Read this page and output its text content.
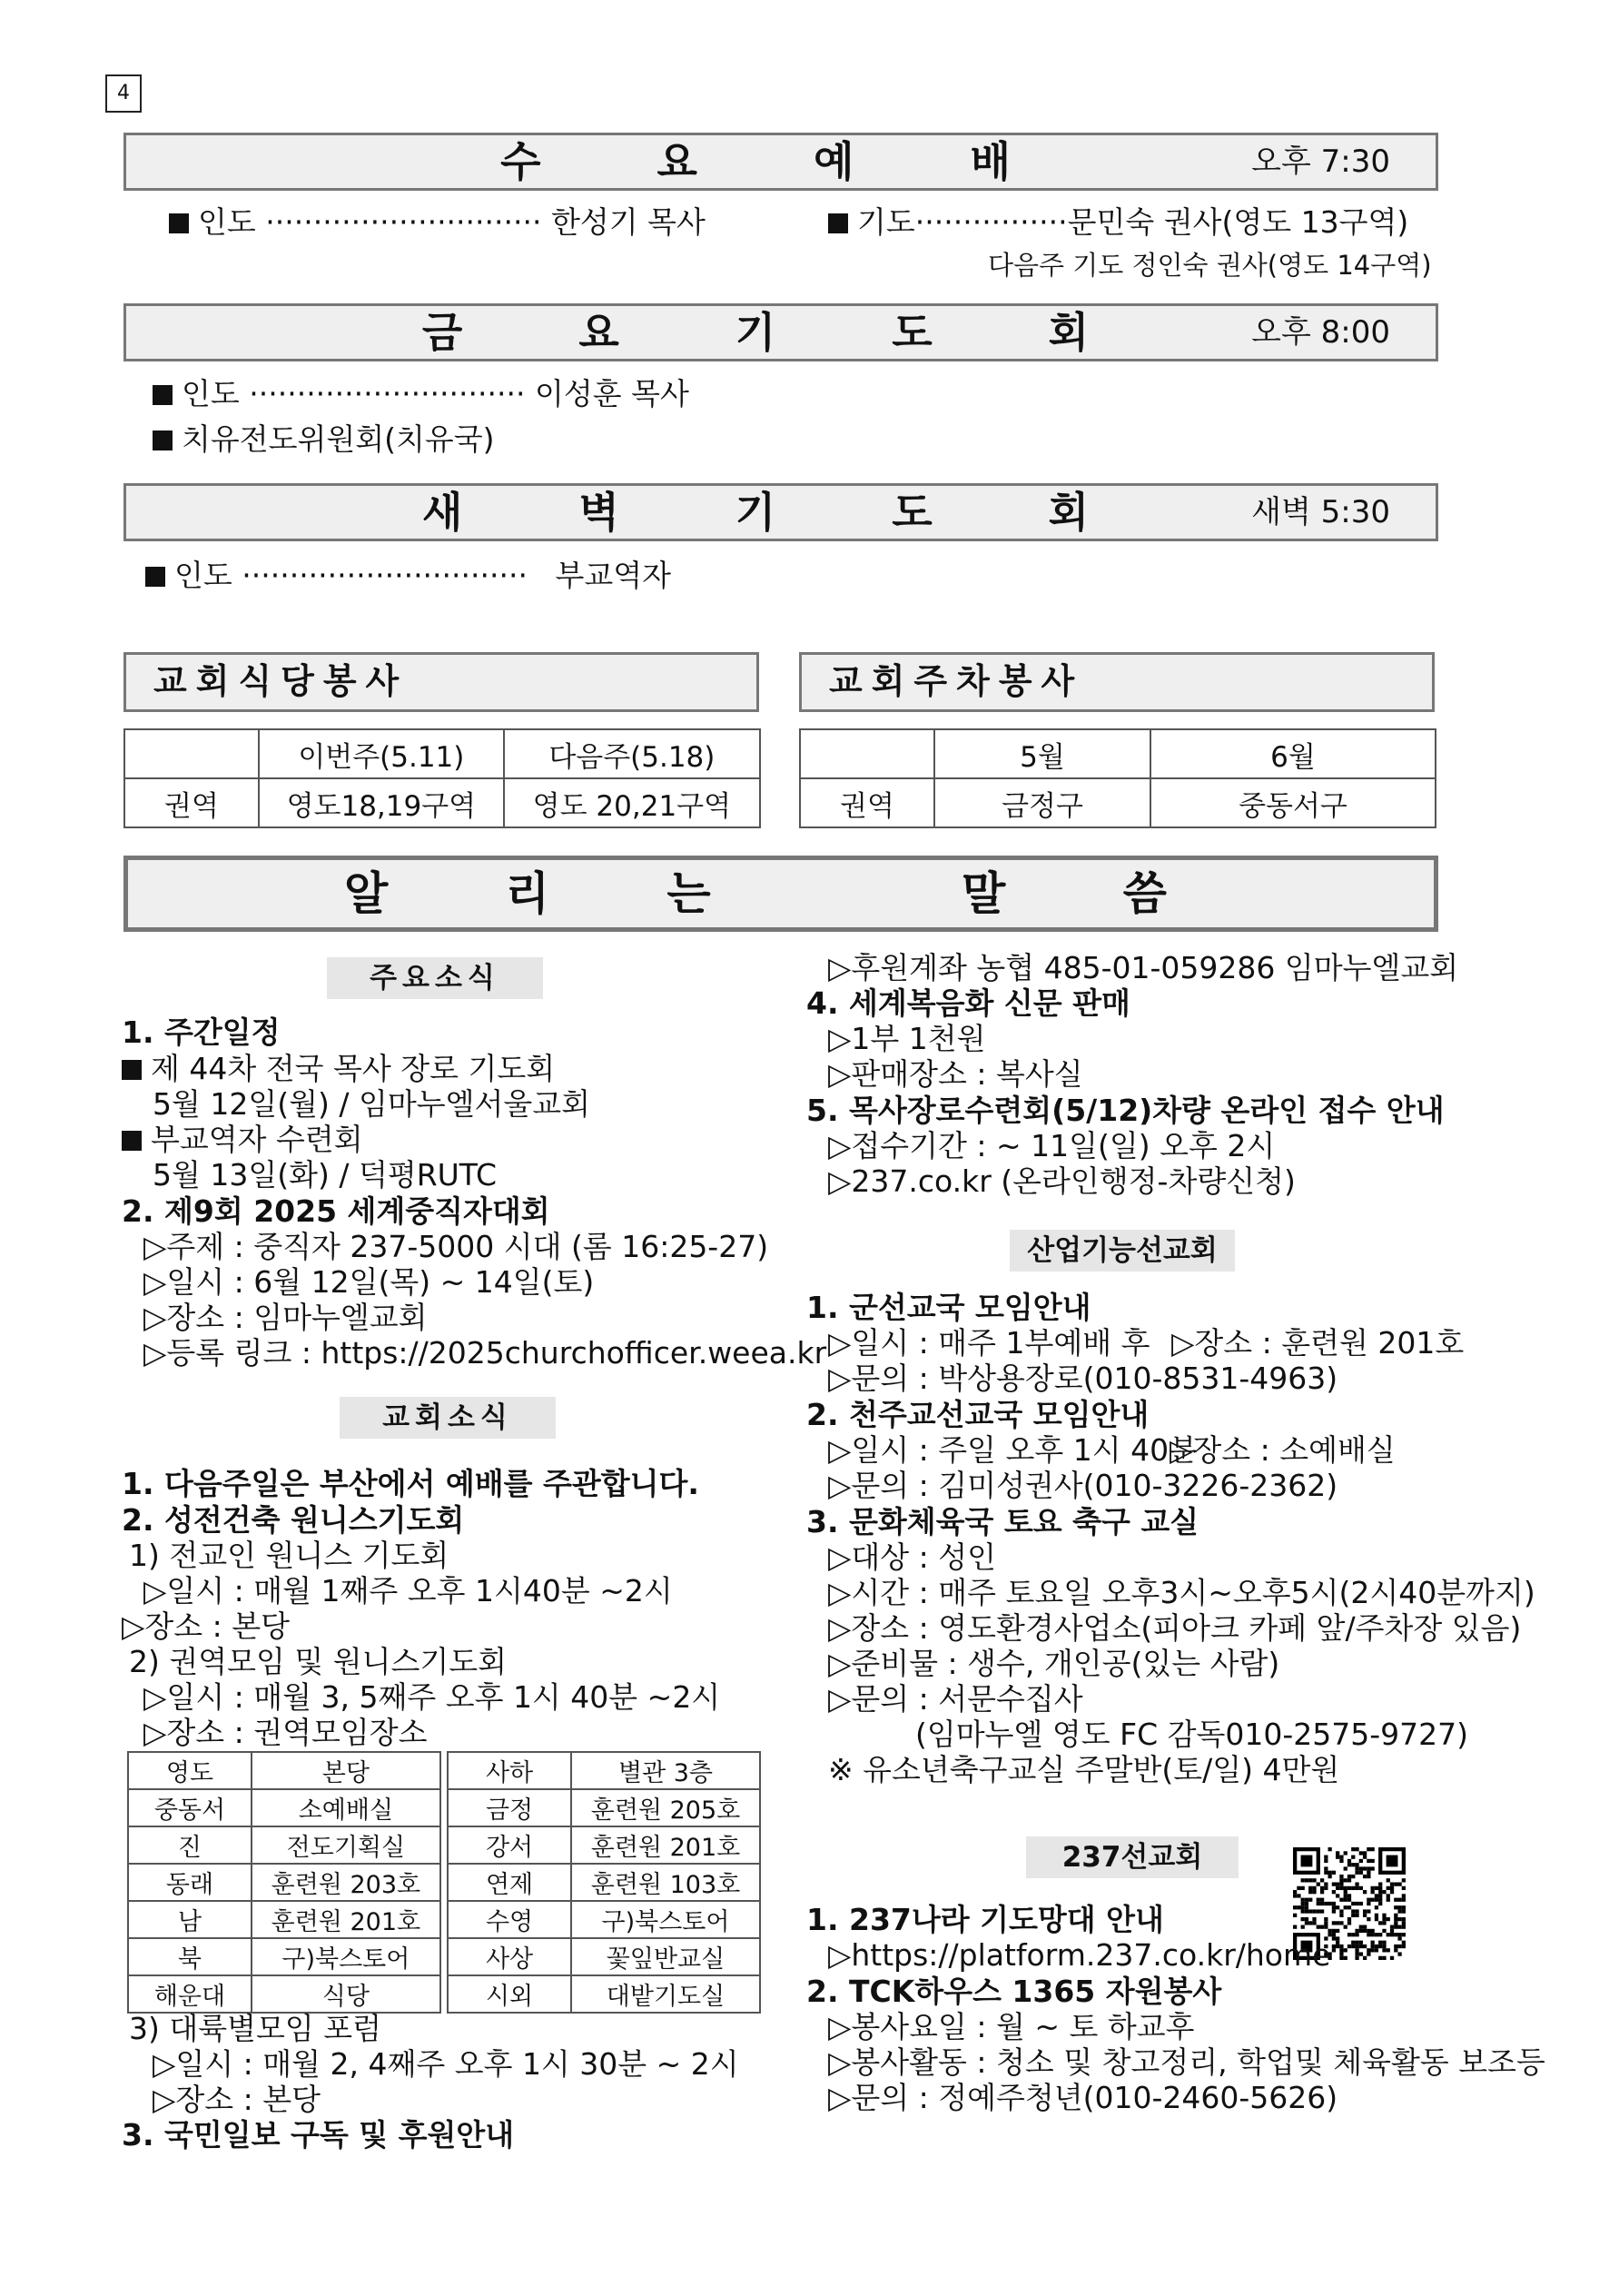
4
수 요 예 배	오후 7:30
인도 ····························· 한성기 목사	기도················문민숙 권사(영도 13구역)
다음주 기도 정인숙 권사(영도 14구역)
금 요 기 도 회	오후 8:00
인도 ····························· 이성훈 목사
치유전도위원회(치유국)
새 벽 기 도 회	새벽 5:30
인도 ······························ 부교역자
교회식당봉사
	이번주(5.11)	다음주(5.18)
권역	영도18,19구역	영도 20,21구역
교회주차봉사
	5월	6월
권역	금정구	중동서구
알 리 는   말 씀
주요소식
1. 주간일정
제 44차 전국 목사 장로 기도회
5월 12일(월) / 임마누엘서울교회
부교역자 수련회
5월 13일(화) / 덕평RUTC
2. 제9회 2025 세계중직자대회
▷주제 : 중직자 237-5000 시대 (롬 16:25-27)
▷일시 : 6월 12일(목) ~ 14일(토)
▷장소 : 임마누엘교회
▷등록 링크 : https://2025churchofficer.weea.kr
교회소식
1. 다음주일은 부산에서 예배를 주관합니다.
2. 성전건축 원니스기도회
1) 전교인 원니스 기도회
▷일시 : 매월 1째주 오후 1시40분 ~2시
▷장소 : 본당
2) 권역모임 및 원니스기도회
▷일시 : 매월 3, 5째주 오후 1시 40분 ~2시
▷장소 : 권역모임장소
영도	본당		사하	별관 3층
중동서	소예배실		금정	훈련원 205호
진	전도기획실		강서	훈련원 201호
동래	훈련원 203호		연제	훈련원 103호
남	훈련원 201호		수영	구)북스토어
북	구)북스토어		사상	꽃잎반교실
해운대	식당		시외	대밭기도실
3) 대륙별모임 포럼
▷일시 : 매월 2, 4째주 오후 1시 30분 ~ 2시
▷장소 : 본당
3. 국민일보 구독 및 후원안내
▷후원계좌 농협 485-01-059286 임마누엘교회
4. 세계복음화 신문 판매
▷1부 1천원
▷판매장소 : 복사실
5. 목사장로수련회(5/12)차량 온라인 접수 안내
▷접수기간 : ~ 11일(일) 오후 2시
▷237.co.kr (온라인행정-차량신청)
산업기능선교회
1. 군선교국 모임안내
▷일시 : 매주 1부예배 후 ▷장소 : 훈련원 201호
▷문의 : 박상용장로(010-8531-4963)
2. 천주교선교국 모임안내
▷일시 : 주일 오후 1시 40분
▷장소 : 소예배실
▷문의 : 김미성권사(010-3226-2362)
3. 문화체육국 토요 축구 교실
▷대상 : 성인
▷시간 : 매주 토요일 오후3시~오후5시(2시40분까지)
▷장소 : 영도환경사업소(피아크 카페 앞/주차장 있음)
▷준비물 : 생수, 개인공(있는 사람)
▷문의 : 서문수집사
(임마누엘 영도 FC 감독010-2575-9727)
※ 유소년축구교실 주말반(토/일) 4만원
237선교회
1. 237나라 기도망대 안내
▷https://platform.237.co.kr/home
2. TCK하우스 1365 자원봉사
▷봉사요일 : 월 ~ 토 하교후
▷봉사활동 : 청소 및 창고정리, 학업및 체육활동 보조등
▷문의 : 정예주청년(010-2460-5626)
